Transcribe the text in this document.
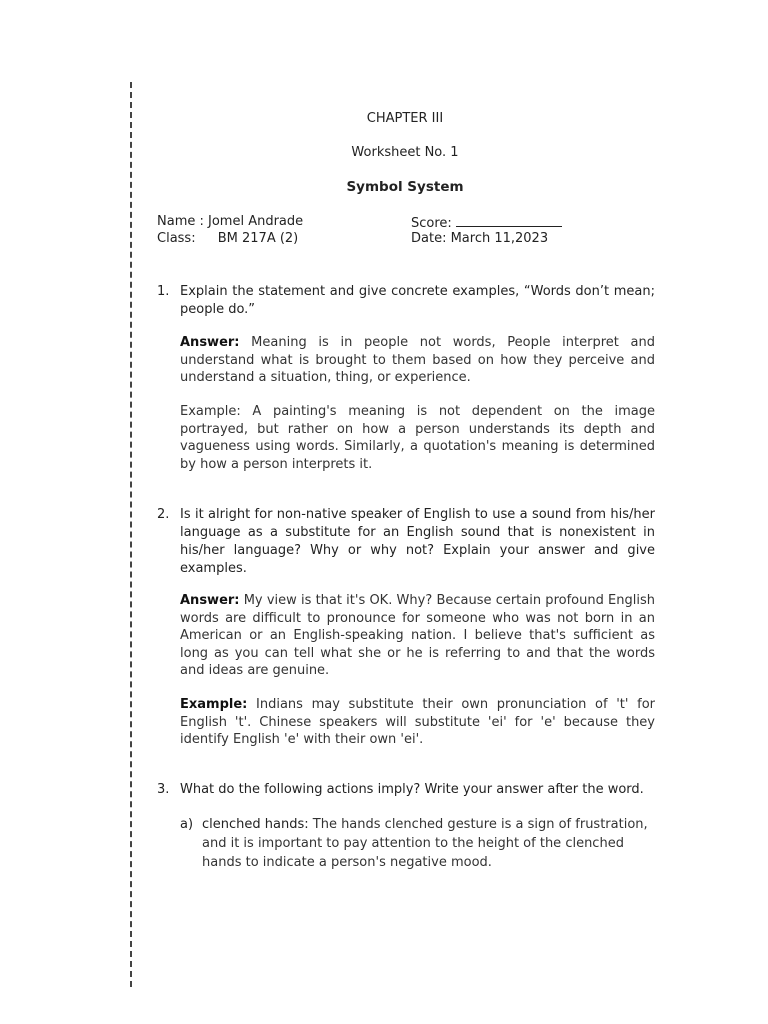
CHAPTER III
Worksheet No. 1
Symbol System
Name : Jomel Andrade
Class: BM 217A (2)
Score:
Date: March 11,2023
1. Explain the statement and give concrete examples, “Words don’t mean; people do.”
Answer: Meaning is in people not words, People interpret and understand what is brought to them based on how they perceive and understand a situation, thing, or experience.
Example: A painting's meaning is not dependent on the image portrayed, but rather on how a person understands its depth and vagueness using words. Similarly, a quotation's meaning is determined by how a person interprets it.
2. Is it alright for non-native speaker of English to use a sound from his/her language as a substitute for an English sound that is nonexistent in his/her language? Why or why not? Explain your answer and give examples.
Answer: My view is that it's OK. Why? Because certain profound English words are difficult to pronounce for someone who was not born in an American or an English-speaking nation. I believe that's sufficient as long as you can tell what she or he is referring to and that the words and ideas are genuine.
Example: Indians may substitute their own pronunciation of 't' for English 't'. Chinese speakers will substitute 'ei' for 'e' because they identify English 'e' with their own 'ei'.
3. What do the following actions imply? Write your answer after the word.
a) clenched hands: The hands clenched gesture is a sign of frustration, and it is important to pay attention to the height of the clenched hands to indicate a person's negative mood.
